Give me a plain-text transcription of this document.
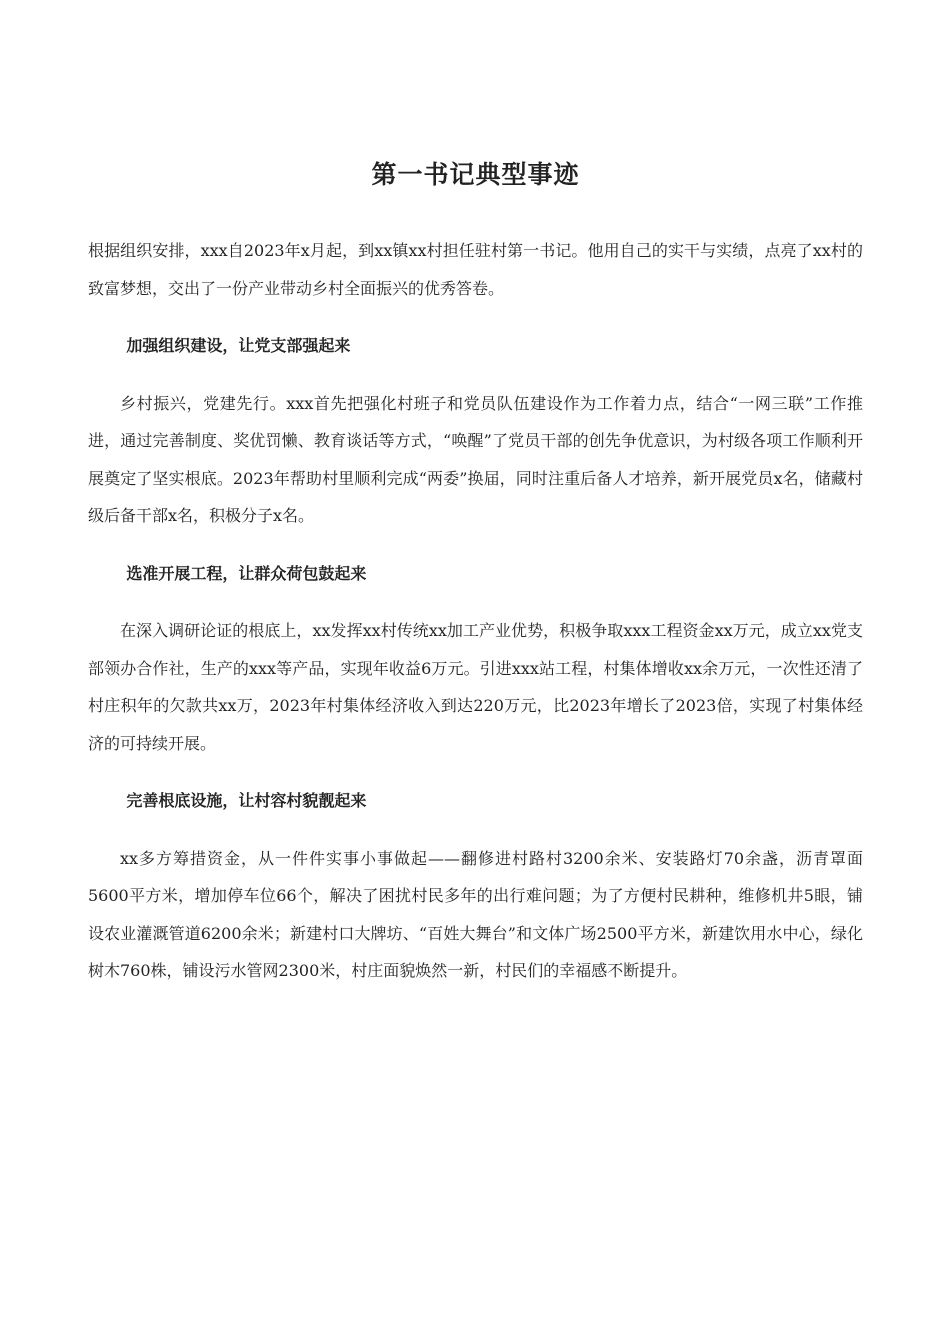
第一书记典型事迹

根据组织安排，xxx自2023年x月起，到xx镇xx村担任驻村第一书记。他用自己的实干与实绩，点亮了xx村的致富梦想，交出了一份产业带动乡村全面振兴的优秀答卷。

加强组织建设，让党支部强起来

乡村振兴，党建先行。xxx首先把强化村班子和党员队伍建设作为工作着力点，结合“一网三联”工作推进，通过完善制度、奖优罚懒、教育谈话等方式，“唤醒”了党员干部的创先争优意识，为村级各项工作顺利开展奠定了坚实根底。2023年帮助村里顺利完成“两委”换届，同时注重后备人才培养，新开展党员x名，储藏村级后备干部x名，积极分子x名。

选准开展工程，让群众荷包鼓起来

在深入调研论证的根底上，xx发挥xx村传统xx加工产业优势，积极争取xxx工程资金xx万元，成立xx党支部领办合作社，生产的xxx等产品，实现年收益6万元。引进xxx站工程，村集体增收xx余万元，一次性还清了村庄积年的欠款共xx万，2023年村集体经济收入到达220万元，比2023年增长了2023倍，实现了村集体经济的可持续开展。

完善根底设施，让村容村貌靓起来

xx多方筹措资金，从一件件实事小事做起——翻修进村路村3200余米、安装路灯70余盏，沥青罩面5600平方米，增加停车位66个，解决了困扰村民多年的出行难问题；为了方便村民耕种，维修机井5眼，铺设农业灌溉管道6200余米；新建村口大牌坊、“百姓大舞台”和文体广场2500平方米，新建饮用水中心，绿化树木760株，铺设污水管网2300米，村庄面貌焕然一新，村民们的幸福感不断提升。
